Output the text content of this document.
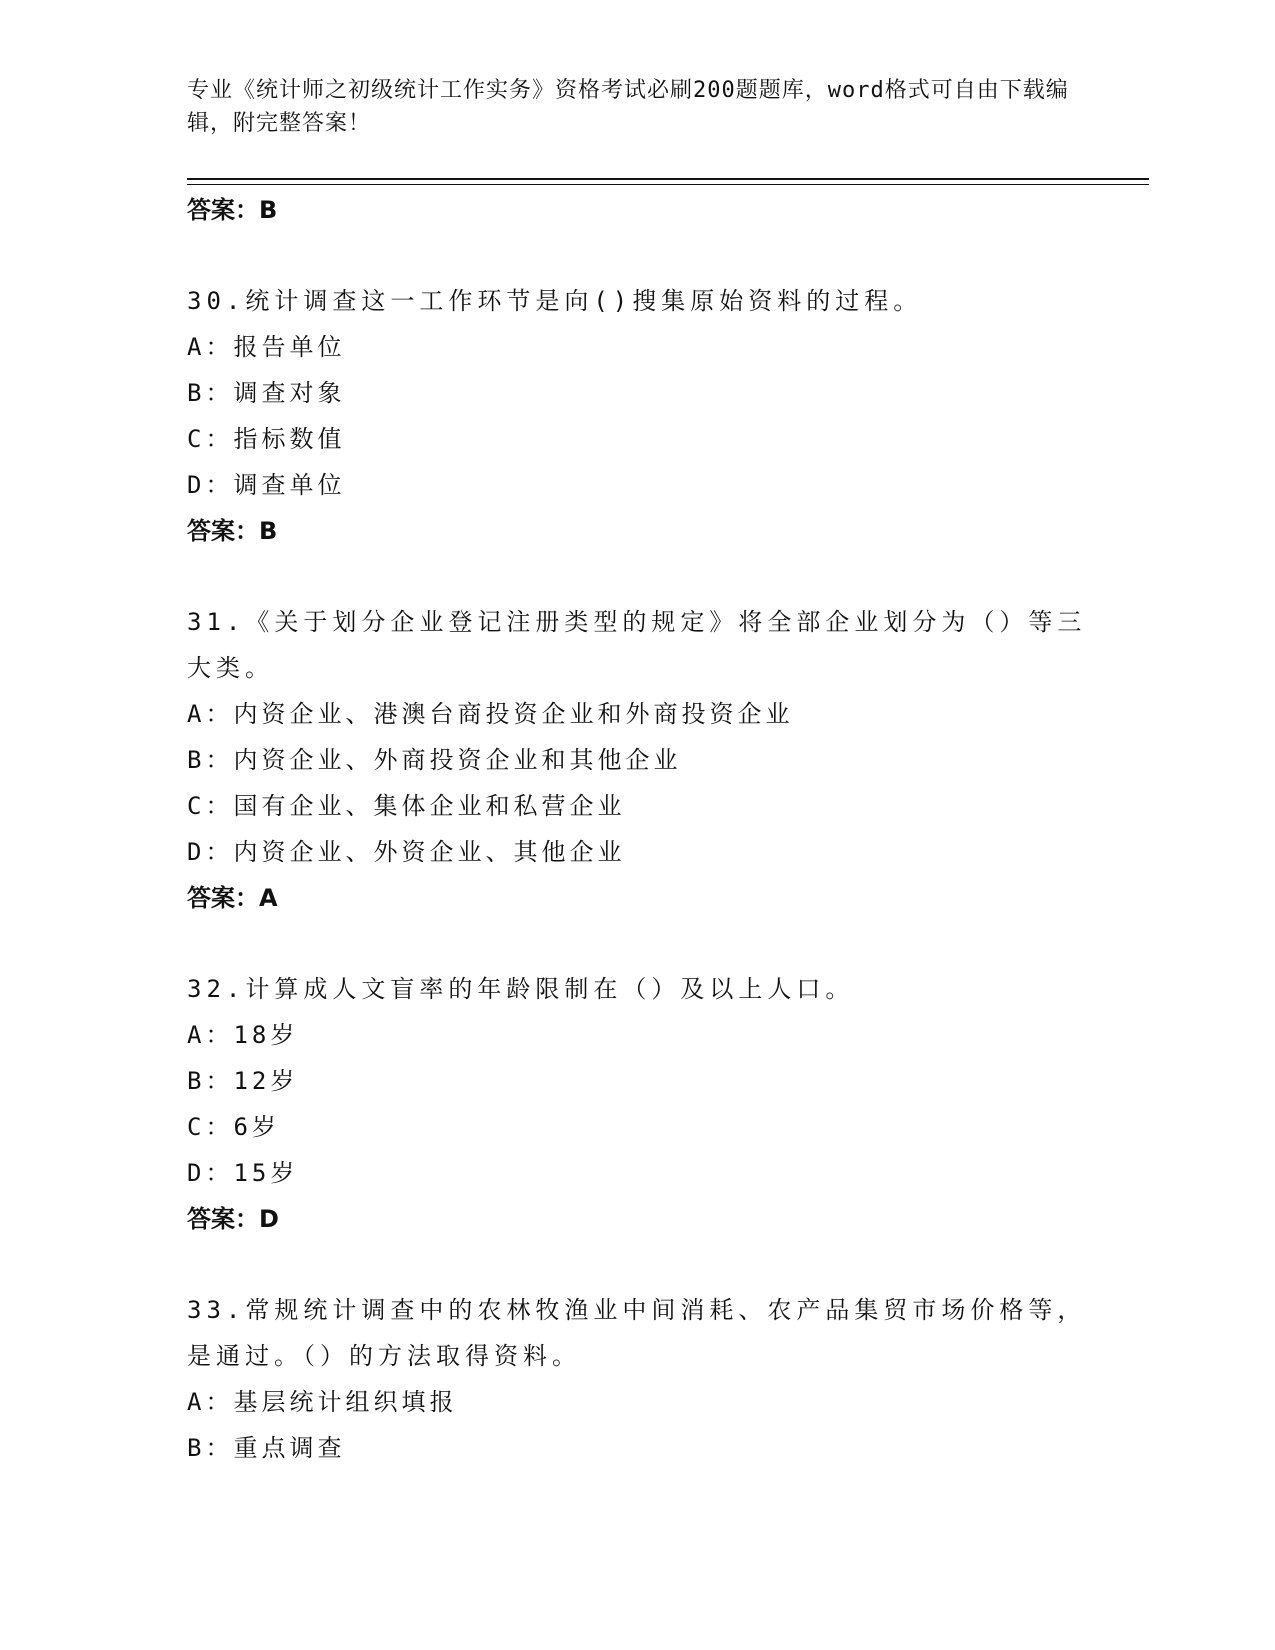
专业《统计师之初级统计工作实务》资格考试必刷200题题库，word格式可自由下载编辑，附完整答案！
答案：B
30.统计调查这一工作环节是向()搜集原始资料的过程。
A：报告单位
B：调查对象
C：指标数值
D：调查单位
答案：B
31.《关于划分企业登记注册类型的规定》将全部企业划分为（）等三大类。
A：内资企业、港澳台商投资企业和外商投资企业
B：内资企业、外商投资企业和其他企业
C：国有企业、集体企业和私营企业
D：内资企业、外资企业、其他企业
答案：A
32.计算成人文盲率的年龄限制在（）及以上人口。
A：18岁
B：12岁
C：6岁
D：15岁
答案：D
33.常规统计调查中的农林牧渔业中间消耗、农产品集贸市场价格等，是通过。（）的方法取得资料。
A：基层统计组织填报
B：重点调查
